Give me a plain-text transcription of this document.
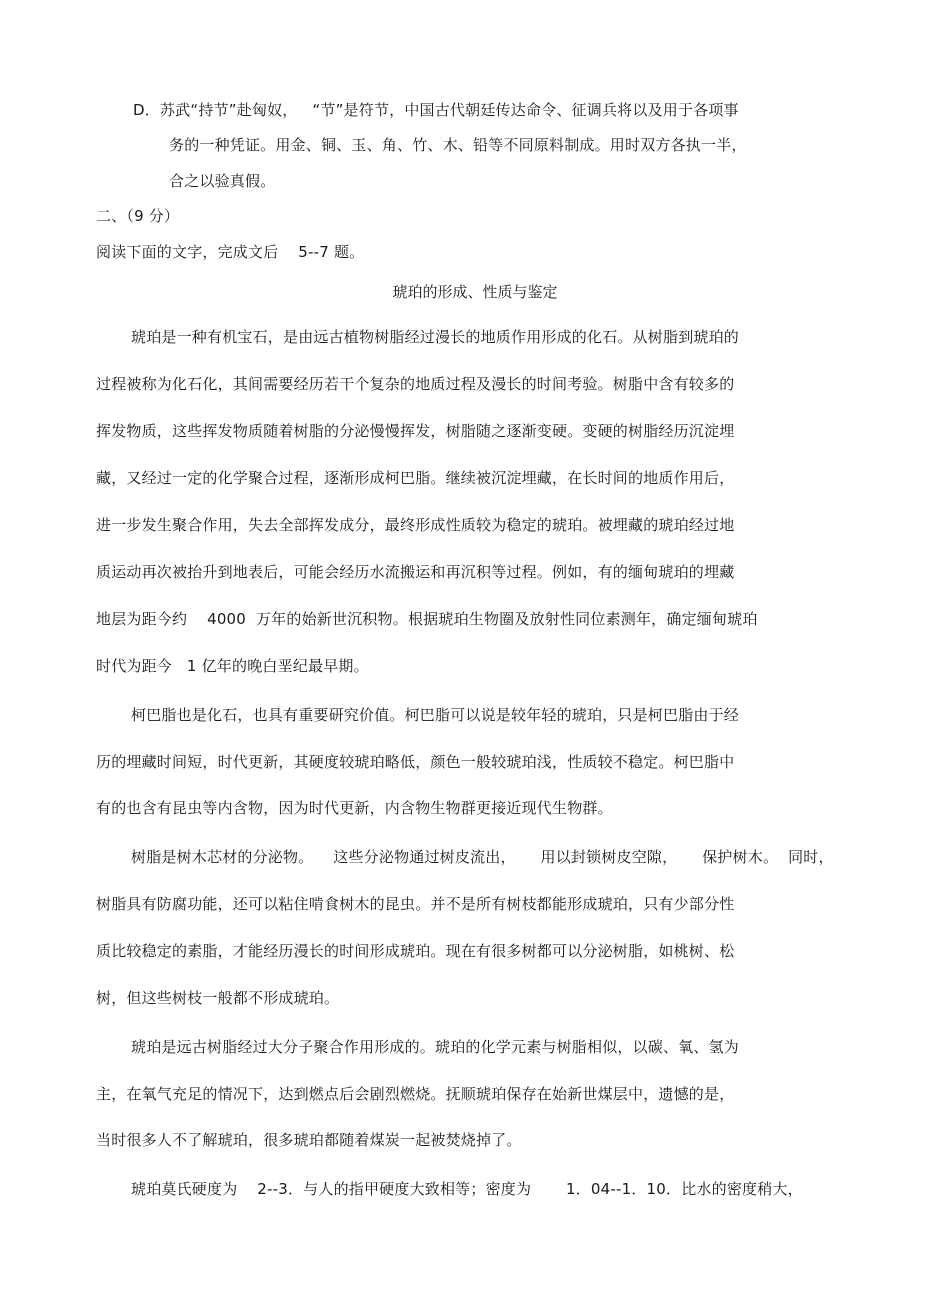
D．苏武“持节”赴匈奴，   “节”是符节，中国古代朝廷传达命令、征调兵将以及用于各项事
务的一种凭证。用金、铜、玉、角、竹、木、铅等不同原料制成。用时双方各执一半，
合之以验真假。
二、（9 分）
阅读下面的文字，完成文后    5--7 题。
琥珀的形成、性质与鉴定
琥珀是一种有机宝石，是由远古植物树脂经过漫长的地质作用形成的化石。从树脂到琥珀的
过程被称为化石化，其间需要经历若干个复杂的地质过程及漫长的时间考验。树脂中含有较多的
挥发物质，这些挥发物质随着树脂的分泌慢慢挥发，树脂随之逐渐变硬。变硬的树脂经历沉淀埋
藏，又经过一定的化学聚合过程，逐渐形成柯巴脂。继续被沉淀埋藏，在长时间的地质作用后，
进一步发生聚合作用，失去全部挥发成分，最终形成性质较为稳定的琥珀。被埋藏的琥珀经过地
质运动再次被抬升到地表后，可能会经历水流搬运和再沉积等过程。例如，有的缅甸琥珀的埋藏
地层为距今约    4000  万年的始新世沉积物。根据琥珀生物圈及放射性同位素测年，确定缅甸琥珀
时代为距今   1 亿年的晚白垩纪最早期。
柯巴脂也是化石，也具有重要研究价值。柯巴脂可以说是较年轻的琥珀，只是柯巴脂由于经
历的埋藏时间短，时代更新，其硬度较琥珀略低，颜色一般较琥珀浅，性质较不稳定。柯巴脂中
有的也含有昆虫等内含物，因为时代更新，内含物生物群更接近现代生物群。
树脂是树木芯材的分泌物。    这些分泌物通过树皮流出，     用以封锁树皮空隙，     保护树木。  同时，
树脂具有防腐功能，还可以粘住啃食树木的昆虫。并不是所有树枝都能形成琥珀，只有少部分性
质比较稳定的素脂，才能经历漫长的时间形成琥珀。现在有很多树都可以分泌树脂，如桃树、松
树，但这些树枝一般都不形成琥珀。
琥珀是远古树脂经过大分子聚合作用形成的。琥珀的化学元素与树脂相似，以碳、氧、氢为
主，在氧气充足的情况下，达到燃点后会剧烈燃烧。抚顺琥珀保存在始新世煤层中，遗憾的是，
当时很多人不了解琥珀，很多琥珀都随着煤炭一起被焚烧掉了。
琥珀莫氏硬度为    2--3．与人的指甲硬度大致相等；密度为       1．04--1．10．比水的密度稍大，
